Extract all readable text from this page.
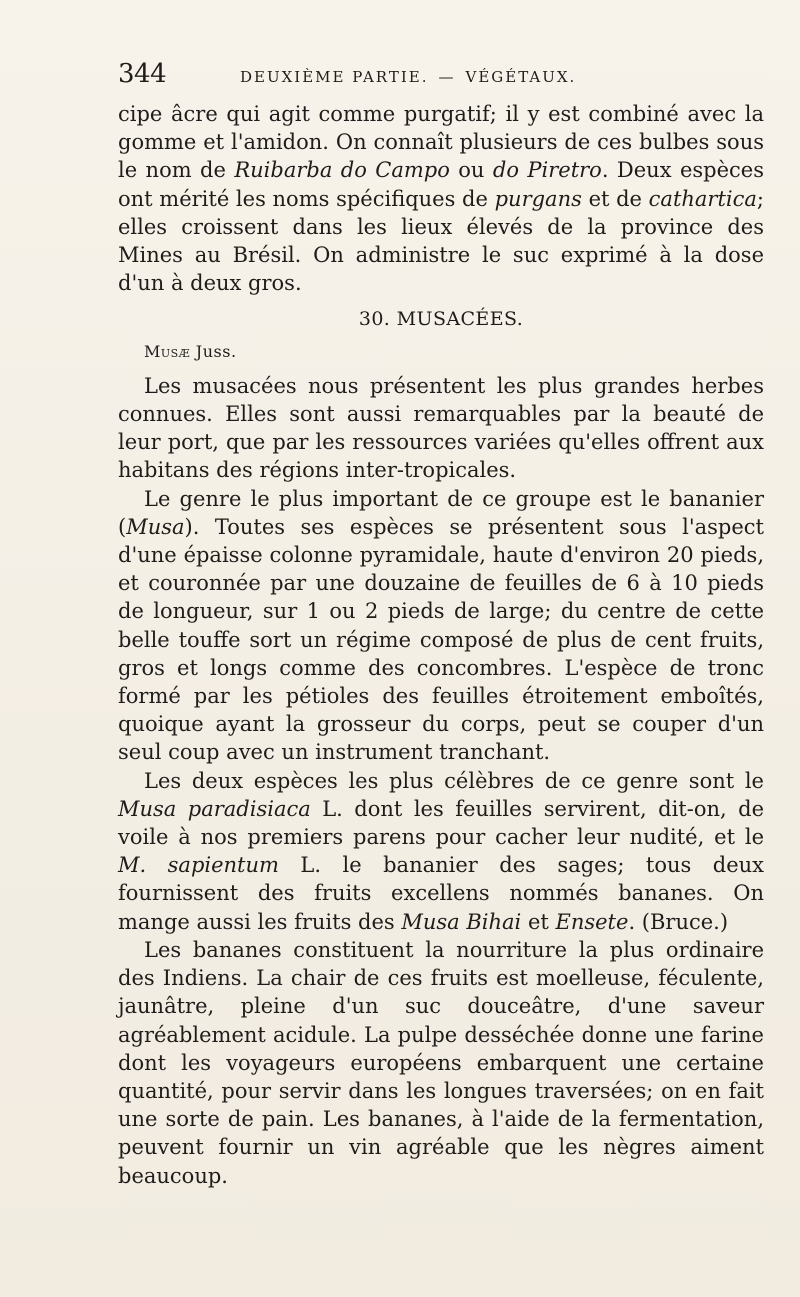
344	DEUXIÈME PARTIE. — VÉGÉTAUX.

cipe âcre qui agit comme purgatif; il y est combiné avec la gomme et l'amidon. On connaît plusieurs de ces bulbes sous le nom de Ruibarba do Campo ou do Piretro. Deux espèces ont mérité les noms spécifiques de purgans et de cathartica; elles croissent dans les lieux élevés de la province des Mines au Brésil. On administre le suc exprimé à la dose d'un à deux gros.

30. MUSACÉES.
Musæ Juss.

Les musacées nous présentent les plus grandes herbes connues. Elles sont aussi remarquables par la beauté de leur port, que par les ressources variées qu'elles offrent aux habitans des régions inter-tropicales.

Le genre le plus important de ce groupe est le bananier (Musa). Toutes ses espèces se présentent sous l'aspect d'une épaisse colonne pyramidale, haute d'environ 20 pieds, et couronnée par une douzaine de feuilles de 6 à 10 pieds de longueur, sur 1 ou 2 pieds de large; du centre de cette belle touffe sort un régime composé de plus de cent fruits, gros et longs comme des concombres. L'espèce de tronc formé par les pétioles des feuilles étroitement emboîtés, quoique ayant la grosseur du corps, peut se couper d'un seul coup avec un instrument tranchant.

Les deux espèces les plus célèbres de ce genre sont le Musa paradisiaca L. dont les feuilles servirent, dit-on, de voile à nos premiers parens pour cacher leur nudité, et le M. sapientum L. le bananier des sages; tous deux fournissent des fruits excellens nommés bananes. On mange aussi les fruits des Musa Bihai et Ensete. (Bruce.)

Les bananes constituent la nourriture la plus ordinaire des Indiens. La chair de ces fruits est moelleuse, féculente, jaunâtre, pleine d'un suc douceâtre, d'une saveur agréablement acidule. La pulpe desséchée donne une farine dont les voyageurs européens embarquent une certaine quantité, pour servir dans les longues traversées; on en fait une sorte de pain. Les bananes, à l'aide de la fermentation, peuvent fournir un vin agréable que les nègres aiment beaucoup.
